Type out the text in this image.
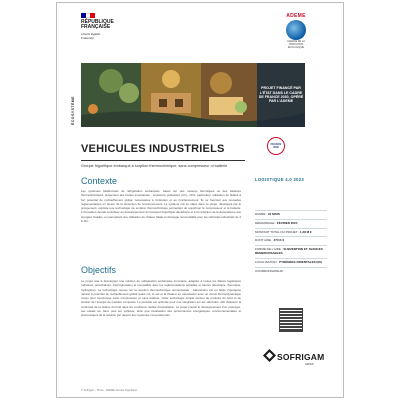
RÉPUBLIQUE FRANÇAISE
Liberté Égalité Fraternité
ADEME
AGENCE DE LA TRANSITION ÉCOLOGIQUE
ÉCOSYSTÈME
PROJET FINANCÉ PAR L'ÉTAT DANS LE CADRE DE FRANCE 2030, OPÉRÉ PAR L'ADEME
VEHICULES INDUSTRIELS
Groupe frigorifique embarqué à sorption thermochimique, sans compresseur ni batterie
Contexte
Les systèmes traditionnels de réfrigération embarqués, basés sur des moteurs thermiques ou des batteries thermochimiques, présentent des limites importantes : émissions polluantes (CO₂, NOx, particules), utilisation de fluides à fort potentiel de réchauffement global, nécessaires à l'entretien et au fonctionnement. Ils se heurtent aux nouvelles réglementations en faveur de la protection de l'environnement. Le système mis en place dans ce projet, développé par le groupement, exploite une technologie de sorption thermochimique permettant de supprimer le compresseur et la batterie. L'innovation devrait contribuer au développement du transport frigorifique décarboné et à la réduction de la dépendance aux énergies fossiles, en permettant une utilisation de chaleur fatale et d'énergie renouvelable pour les véhicules industriels de 3 à 19 t.
Objectifs
Le projet vise à développer une solution de réfrigération embarquée innovante, adaptée à toutes les filières logistiques (urbaines, périurbaines, interrégionales) et compatible avec les réglementations actuelles et futures (électrique, thermique, hydrogène). La technologie repose sur la sorption thermochimique ammoniacale : l'adsorption est un fluide frigorigène naturel à potentiel de réchauffement global quasi nul, le sel et la chaleur en association avec un circuit thermodynamique conçu pour fonctionner sans compresseur et sans batterie. Cette technologie simple permet de produire du froid et de stocker de l'énergie de manière compacte. Le procédé est optimisé pour une intégration sur les véhicules, afin d'assurer la continuité de la chaîne du froid dans les conditions réelles d'exploitation. Le projet prévoit le développement d'un prototype, ses essais sur banc puis sur véhicule, ainsi que l'évaluation des performances énergétiques, environnementales et économiques de la solution par rapport aux systèmes conventionnels.
© Sofrigam – Photo : ADEME Groupe frigorifique
FRANCE 2030
LOGISTIQUE 4.0 2023
DURÉE : 24 MOIS
DÉMARRAGE : FÉVRIER 2024
MONTANT TOTAL DU PROJET : 1,38 M €
DONT AIDE : 470 K €
FORME DE L'AIDE : SUBVENTION ET AVANCES REMBOURSABLES
LOCALISATION : PYRÉNÉES-ORIENTALES (66)
COORDONNATEUR :
SOFRIGAM
GROUP
